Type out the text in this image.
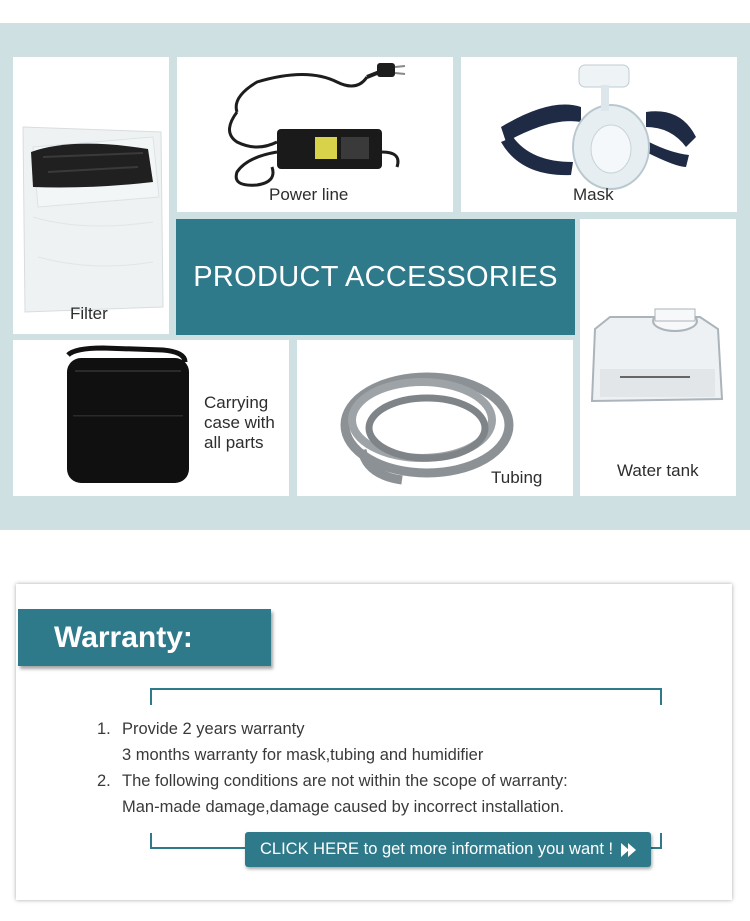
Filter
Power line	Mask
PRODUCT ACCESSORIES
Water tank
Carrying
case with
all parts
Tubing
Warranty:
1. Provide 2 years warranty
3 months warranty for mask,tubing and humidifier
2. The following conditions are not within the scope of warranty:
Man-made damage,damage caused by incorrect installation.
CLICK HERE to get more information you want !
